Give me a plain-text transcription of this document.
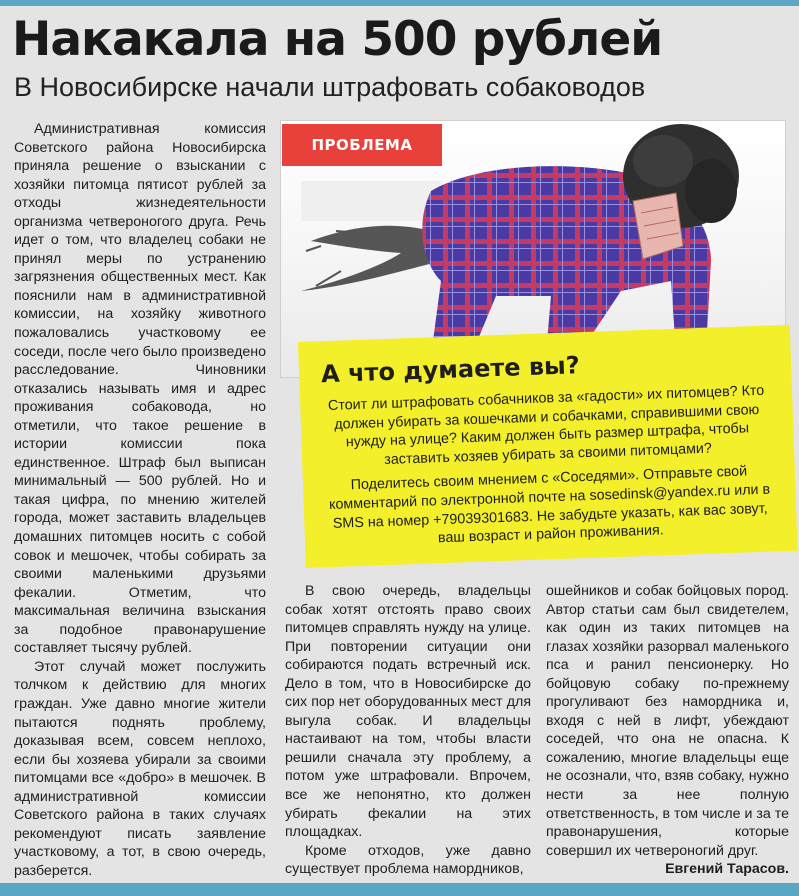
Накакала на 500 рублей
В Новосибирске начали штрафовать собаководов

Административная комиссия Советского района Новосибирска приняла решение о взыскании с хозяйки питомца пятисот рублей за отходы жизнедеятельности организма четвероногого друга. Речь идет о том, что владелец собаки не принял меры по устранению загрязнения общественных мест. Как пояснили нам в административной комиссии, на хозяйку животного пожаловались участковому ее соседи, после чего было произведено расследование. Чиновники отказались называть имя и адрес проживания собаковода, но отметили, что такое решение в истории комиссии пока единственное. Штраф был выписан минимальный — 500 рублей. Но и такая цифра, по мнению жителей города, может заставить владельцев домашних питомцев носить с собой совок и мешочек, чтобы собирать за своими маленькими друзьями фекалии. Отметим, что максимальная величина взыскания за подобное правонарушение составляет тысячу рублей.

Этот случай может послужить толчком к действию для многих граждан. Уже давно многие жители пытаются поднять проблему, доказывая всем, совсем неплохо, если бы хозяева убирали за своими питомцами все «добро» в мешочек. В административной комиссии Советского района в таких случаях рекомендуют писать заявление участковому, а тот, в свою очередь, разберется.

ПРОБЛЕМА
А что думаете вы?

Стоит ли штрафовать собачников за «гадости» их питомцев? Кто должен убирать за кошечками и собачками, справившими свою нужду на улице? Каким должен быть размер штрафа, чтобы заставить хозяев убирать за своими питомцами?

Поделитесь своим мнением с «Соседями». Отправьте свой комментарий по электронной почте на sosedinsk@yandex.ru или в SMS на номер +79039301683. Не забудьте указать, как вас зовут, ваш возраст и район проживания.

В свою очередь, владельцы собак хотят отстоять право своих питомцев справлять нужду на улице. При повторении ситуации они собираются подать встречный иск. Дело в том, что в Новосибирске до сих пор нет оборудованных мест для выгула собак. И владельцы настаивают на том, чтобы власти решили сначала эту проблему, а потом уже штрафовали. Впрочем, все же непонятно, кто должен убирать фекалии на этих площадках.

Кроме отходов, уже давно существует проблема намордников,

ошейников и собак бойцовых пород. Автор статьи сам был свидетелем, как один из таких питомцев на глазах хозяйки разорвал маленького пса и ранил пенсионерку. Но бойцовую собаку по-прежнему прогуливают без намордника и, входя с ней в лифт, убеждают соседей, что она не опасна. К сожалению, многие владельцы еще не осознали, что, взяв собаку, нужно нести за нее полную ответственность, в том числе и за те правонарушения, которые совершил их четвероногий друг.

Евгений Тарасов.
